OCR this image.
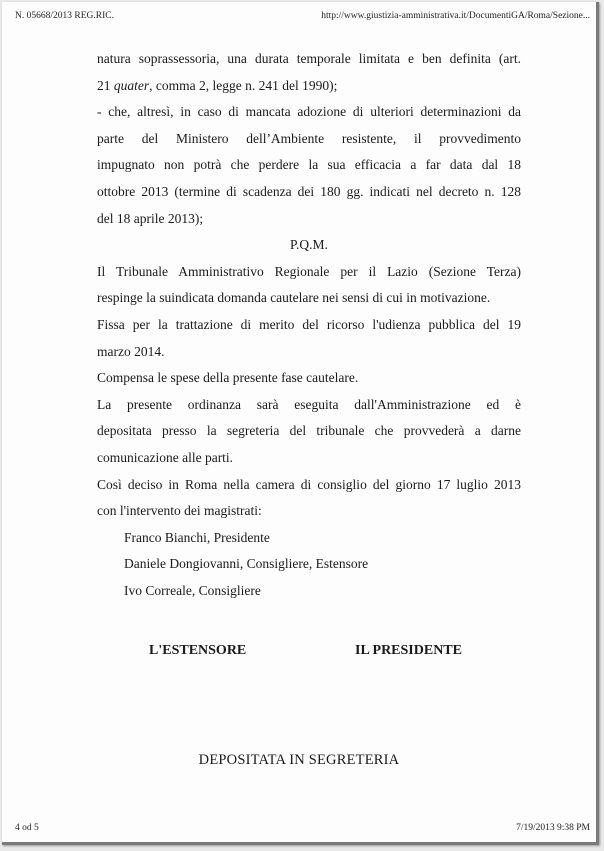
N. 05668/2013 REG.RIC.	http://www.giustizia-amministrativa.it/DocumentiGA/Roma/Sezione...

natura soprassessoria, una durata temporale limitata e ben definita (art.

21 quater, comma 2, legge n. 241 del 1990);

- che, altresì, in caso di mancata adozione di ulteriori determinazioni da

parte del Ministero dell’Ambiente resistente, il provvedimento

impugnato non potrà che perdere la sua efficacia a far data dal 18

ottobre 2013 (termine di scadenza dei 180 gg. indicati nel decreto n. 128

del 18 aprile 2013);

P.Q.M.

Il Tribunale Amministrativo Regionale per il Lazio (Sezione Terza)

respinge la suindicata domanda cautelare nei sensi di cui in motivazione.

Fissa per la trattazione di merito del ricorso l'udienza pubblica del 19

marzo 2014.

Compensa le spese della presente fase cautelare.

La presente ordinanza sarà eseguita dall'Amministrazione ed è

depositata presso la segreteria del tribunale che provvederà a darne

comunicazione alle parti.

Così deciso in Roma nella camera di consiglio del giorno 17 luglio 2013

con l'intervento dei magistrati:

Franco Bianchi, Presidente

Daniele Dongiovanni, Consigliere, Estensore

Ivo Correale, Consigliere

L'ESTENSORE	IL PRESIDENTE
DEPOSITATA IN SEGRETERIA
4 od 5	7/19/2013 9:38 PM
